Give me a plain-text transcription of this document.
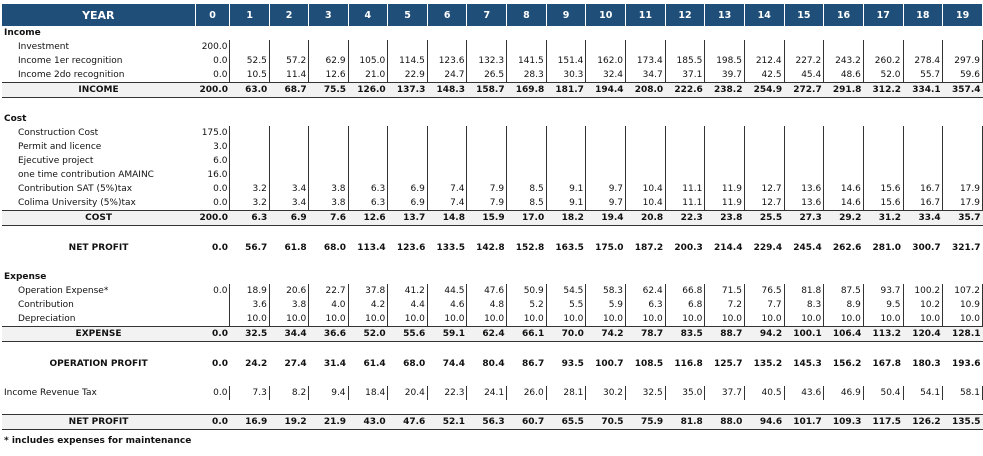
YEAR	0	1	2	3	4	5	6	7	8	9	10	11	12	13	14	15	16	17	18	19
Income																				
Investment	200.0																			
Income 1er recognition	0.0	52.5	57.2	62.9	105.0	114.5	123.6	132.3	141.5	151.4	162.0	173.4	185.5	198.5	212.4	227.2	243.2	260.2	278.4	297.9
Income 2do recognition	0.0	10.5	11.4	12.6	21.0	22.9	24.7	26.5	28.3	30.3	32.4	34.7	37.1	39.7	42.5	45.4	48.6	52.0	55.7	59.6
INCOME	200.0	63.0	68.7	75.5	126.0	137.3	148.3	158.7	169.8	181.7	194.4	208.0	222.6	238.2	254.9	272.7	291.8	312.2	334.1	357.4

Cost																				
Construction Cost	175.0																			
Permit and licence	3.0																			
Ejecutive project	6.0																			
one time contribution AMAINC	16.0																			
Contribution SAT (5%)tax	0.0	3.2	3.4	3.8	6.3	6.9	7.4	7.9	8.5	9.1	9.7	10.4	11.1	11.9	12.7	13.6	14.6	15.6	16.7	17.9
Colima University (5%)tax	0.0	3.2	3.4	3.8	6.3	6.9	7.4	7.9	8.5	9.1	9.7	10.4	11.1	11.9	12.7	13.6	14.6	15.6	16.7	17.9
COST	200.0	6.3	6.9	7.6	12.6	13.7	14.8	15.9	17.0	18.2	19.4	20.8	22.3	23.8	25.5	27.3	29.2	31.2	33.4	35.7

NET PROFIT	0.0	56.7	61.8	68.0	113.4	123.6	133.5	142.8	152.8	163.5	175.0	187.2	200.3	214.4	229.4	245.4	262.6	281.0	300.7	321.7

Expense																				
Operation Expense*	0.0	18.9	20.6	22.7	37.8	41.2	44.5	47.6	50.9	54.5	58.3	62.4	66.8	71.5	76.5	81.8	87.5	93.7	100.2	107.2
Contribution		3.6	3.8	4.0	4.2	4.4	4.6	4.8	5.2	5.5	5.9	6.3	6.8	7.2	7.7	8.3	8.9	9.5	10.2	10.9
Depreciation		10.0	10.0	10.0	10.0	10.0	10.0	10.0	10.0	10.0	10.0	10.0	10.0	10.0	10.0	10.0	10.0	10.0	10.0	10.0
EXPENSE	0.0	32.5	34.4	36.6	52.0	55.6	59.1	62.4	66.1	70.0	74.2	78.7	83.5	88.7	94.2	100.1	106.4	113.2	120.4	128.1

OPERATION PROFIT	0.0	24.2	27.4	31.4	61.4	68.0	74.4	80.4	86.7	93.5	100.7	108.5	116.8	125.7	135.2	145.3	156.2	167.8	180.3	193.6

Income Revenue Tax	0.0	7.3	8.2	9.4	18.4	20.4	22.3	24.1	26.0	28.1	30.2	32.5	35.0	37.7	40.5	43.6	46.9	50.4	54.1	58.1

NET PROFIT	0.0	16.9	19.2	21.9	43.0	47.6	52.1	56.3	60.7	65.5	70.5	75.9	81.8	88.0	94.6	101.7	109.3	117.5	126.2	135.5
* includes expenses for maintenance
